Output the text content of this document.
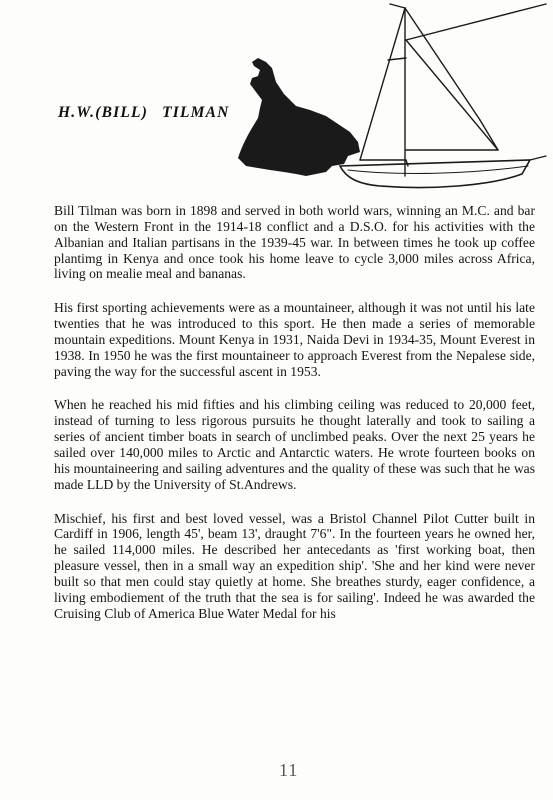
H.W.(BILL) TILMAN

Bill Tilman was born in 1898 and served in both world wars, winning an M.C. and bar on the Western Front in the 1914-18 conflict and a D.S.O. for his activities with the Albanian and Italian partisans in the 1939-45 war. In between times he took up coffee plantimg in Kenya and once took his home leave to cycle 3,000 miles across Africa, living on mealie meal and bananas.

His first sporting achievements were as a mountaineer, although it was not until his late twenties that he was introduced to this sport. He then made a series of memorable mountain expeditions. Mount Kenya in 1931, Naida Devi in 1934-35, Mount Everest in 1938. In 1950 he was the first mountaineer to approach Everest from the Nepalese side, paving the way for the successful ascent in 1953.

When he reached his mid fifties and his climbing ceiling was reduced to 20,000 feet, instead of turning to less rigorous pursuits he thought laterally and took to sailing a series of ancient timber boats in search of unclimbed peaks. Over the next 25 years he sailed over 140,000 miles to Arctic and Antarctic waters. He wrote fourteen books on his mountaineering and sailing adventures and the quality of these was such that he was made LLD by the University of St.Andrews.

Mischief, his first and best loved vessel, was a Bristol Channel Pilot Cutter built in Cardiff in 1906, length 45', beam 13', draught 7'6". In the fourteen years he owned her, he sailed 114,000 miles. He described her antecedants as 'first working boat, then pleasure vessel, then in a small way an expedition ship'. 'She and her kind were never built so that men could stay quietly at home. She breathes sturdy, eager confidence, a living embodiement of the truth that the sea is for sailing'. Indeed he was awarded the Cruising Club of America Blue Water Medal for his

11
